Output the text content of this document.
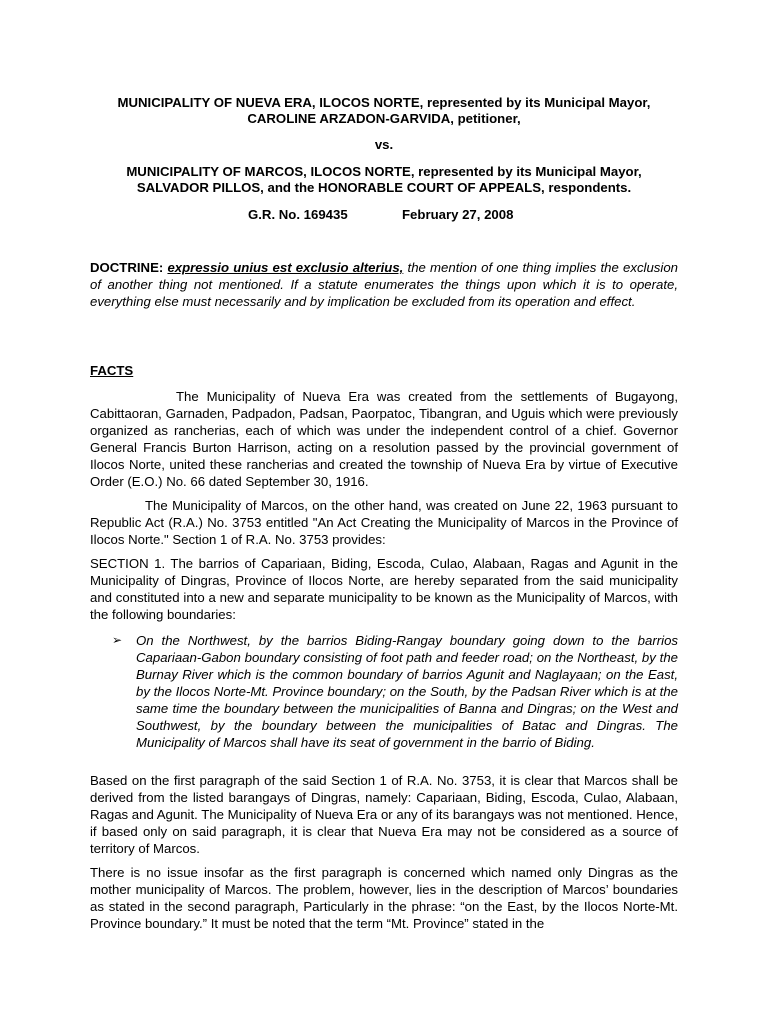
MUNICIPALITY OF NUEVA ERA, ILOCOS NORTE, represented by its Municipal Mayor,
CAROLINE ARZADON-GARVIDA, petitioner,
vs.
MUNICIPALITY OF MARCOS, ILOCOS NORTE, represented by its Municipal Mayor,
SALVADOR PILLOS, and the HONORABLE COURT OF APPEALS, respondents.
G.R. No. 169435	February 27, 2008
DOCTRINE: expressio unius est exclusio alterius, the mention of one thing implies the exclusion of another thing not mentioned. If a statute enumerates the things upon which it is to operate, everything else must necessarily and by implication be excluded from its operation and effect.
FACTS
The Municipality of Nueva Era was created from the settlements of Bugayong, Cabittaoran, Garnaden, Padpadon, Padsan, Paorpatoc, Tibangran, and Uguis which were previously organized as rancherias, each of which was under the independent control of a chief. Governor General Francis Burton Harrison, acting on a resolution passed by the provincial government of Ilocos Norte, united these rancherias and created the township of Nueva Era by virtue of Executive Order (E.O.) No. 66 dated September 30, 1916.
The Municipality of Marcos, on the other hand, was created on June 22, 1963 pursuant to Republic Act (R.A.) No. 3753 entitled "An Act Creating the Municipality of Marcos in the Province of Ilocos Norte." Section 1 of R.A. No. 3753 provides:
SECTION 1. The barrios of Capariaan, Biding, Escoda, Culao, Alabaan, Ragas and Agunit in the Municipality of Dingras, Province of Ilocos Norte, are hereby separated from the said municipality and constituted into a new and separate municipality to be known as the Municipality of Marcos, with the following boundaries:
➢ On the Northwest, by the barrios Biding-Rangay boundary going down to the barrios Capariaan-Gabon boundary consisting of foot path and feeder road; on the Northeast, by the Burnay River which is the common boundary of barrios Agunit and Naglayaan; on the East, by the Ilocos Norte-Mt. Province boundary; on the South, by the Padsan River which is at the same time the boundary between the municipalities of Banna and Dingras; on the West and Southwest, by the boundary between the municipalities of Batac and Dingras. The Municipality of Marcos shall have its seat of government in the barrio of Biding.
Based on the first paragraph of the said Section 1 of R.A. No. 3753, it is clear that Marcos shall be derived from the listed barangays of Dingras, namely: Capariaan, Biding, Escoda, Culao, Alabaan, Ragas and Agunit. The Municipality of Nueva Era or any of its barangays was not mentioned. Hence, if based only on said paragraph, it is clear that Nueva Era may not be considered as a source of territory of Marcos.
There is no issue insofar as the first paragraph is concerned which named only Dingras as the mother municipality of Marcos. The problem, however, lies in the description of Marcos’ boundaries as stated in the second paragraph, Particularly in the phrase: “on the East, by the Ilocos Norte-Mt. Province boundary.” It must be noted that the term “Mt. Province” stated in the
